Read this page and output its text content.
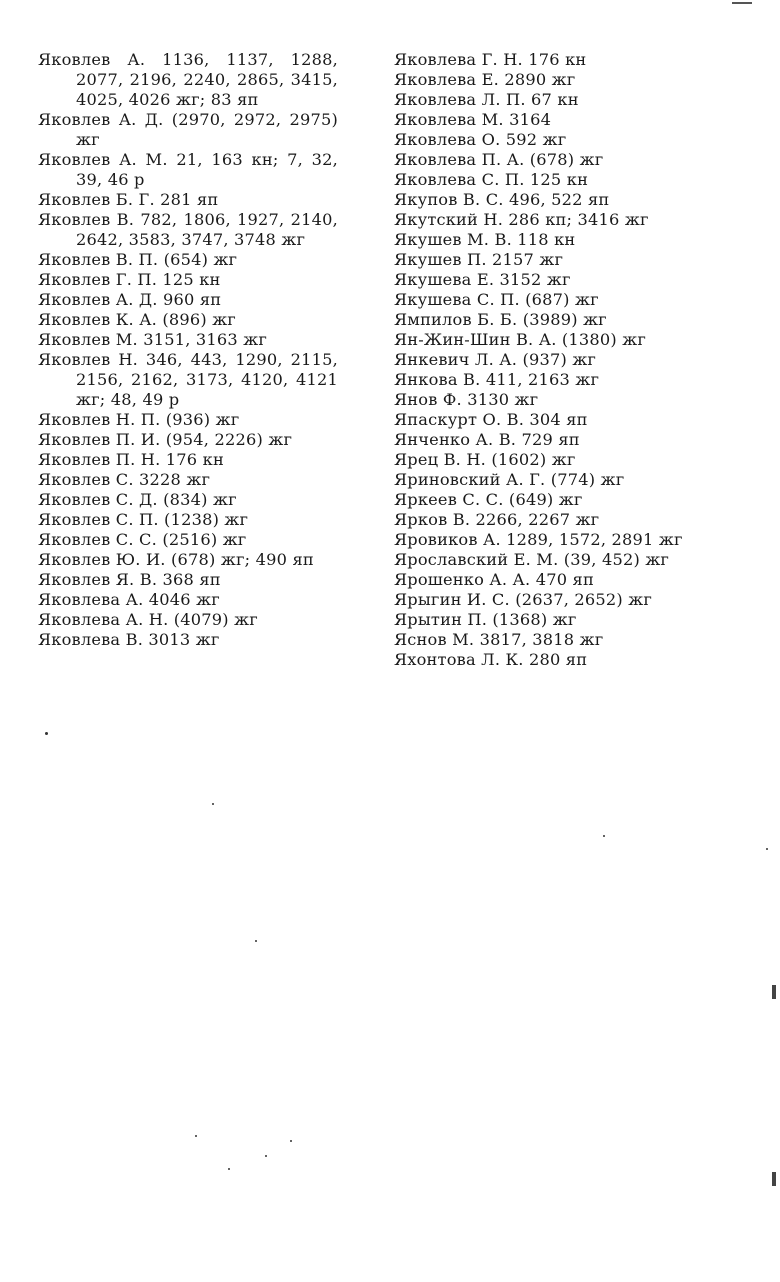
Яковлев А. 1136, 1137, 1288, 2077, 2196, 2240, 2865, 3415, 4025, 4026 жг; 83 яп

Яковлев А. Д. (2970, 2972, 2975) жг

Яковлев А. М. 21, 163 кн; 7, 32, 39, 46 р

Яковлев Б. Г. 281 яп

Яковлев В. 782, 1806, 1927, 2140, 2642, 3583, 3747, 3748 жг

Яковлев В. П. (654) жг

Яковлев Г. П. 125 кн

Яковлев А. Д. 960 яп

Яковлев К. А. (896) жг

Яковлев М. 3151, 3163 жг

Яковлев Н. 346, 443, 1290, 2115, 2156, 2162, 3173, 4120, 4121 жг; 48, 49 р

Яковлев Н. П. (936) жг

Яковлев П. И. (954, 2226) жг

Яковлев П. Н. 176 кн

Яковлев С. 3228 жг

Яковлев С. Д. (834) жг

Яковлев С. П. (1238) жг

Яковлев С. С. (2516) жг

Яковлев Ю. И. (678) жг; 490 яп

Яковлев Я. В. 368 яп

Яковлева А. 4046 жг

Яковлева А. Н. (4079) жг

Яковлева В. 3013 жг

Яковлева Г. Н. 176 кн

Яковлева Е. 2890 жг

Яковлева Л. П. 67 кн

Яковлева М. 3164

Яковлева О. 592 жг

Яковлева П. А. (678) жг

Яковлева С. П. 125 кн

Якупов В. С. 496, 522 яп

Якутский Н. 286 кп; 3416 жг

Якушев М. В. 118 кн

Якушев П. 2157 жг

Якушева Е. 3152 жг

Якушева С. П. (687) жг

Ямпилов Б. Б. (3989) жг

Ян-Жин-Шин В. А. (1380) жг

Янкевич Л. А. (937) жг

Янкова В. 411, 2163 жг

Янов Ф. 3130 жг

Япаскурт О. В. 304 яп

Янченко А. В. 729 яп

Ярец В. Н. (1602) жг

Яриновский А. Г. (774) жг

Яркеев С. С. (649) жг

Ярков В. 2266, 2267 жг

Яровиков А. 1289, 1572, 2891 жг

Ярославский Е. М. (39, 452) жг

Ярошенко А. А. 470 яп

Ярыгин И. С. (2637, 2652) жг

Ярытин П. (1368) жг

Яснов М. 3817, 3818 жг

Яхонтова Л. К. 280 яп
